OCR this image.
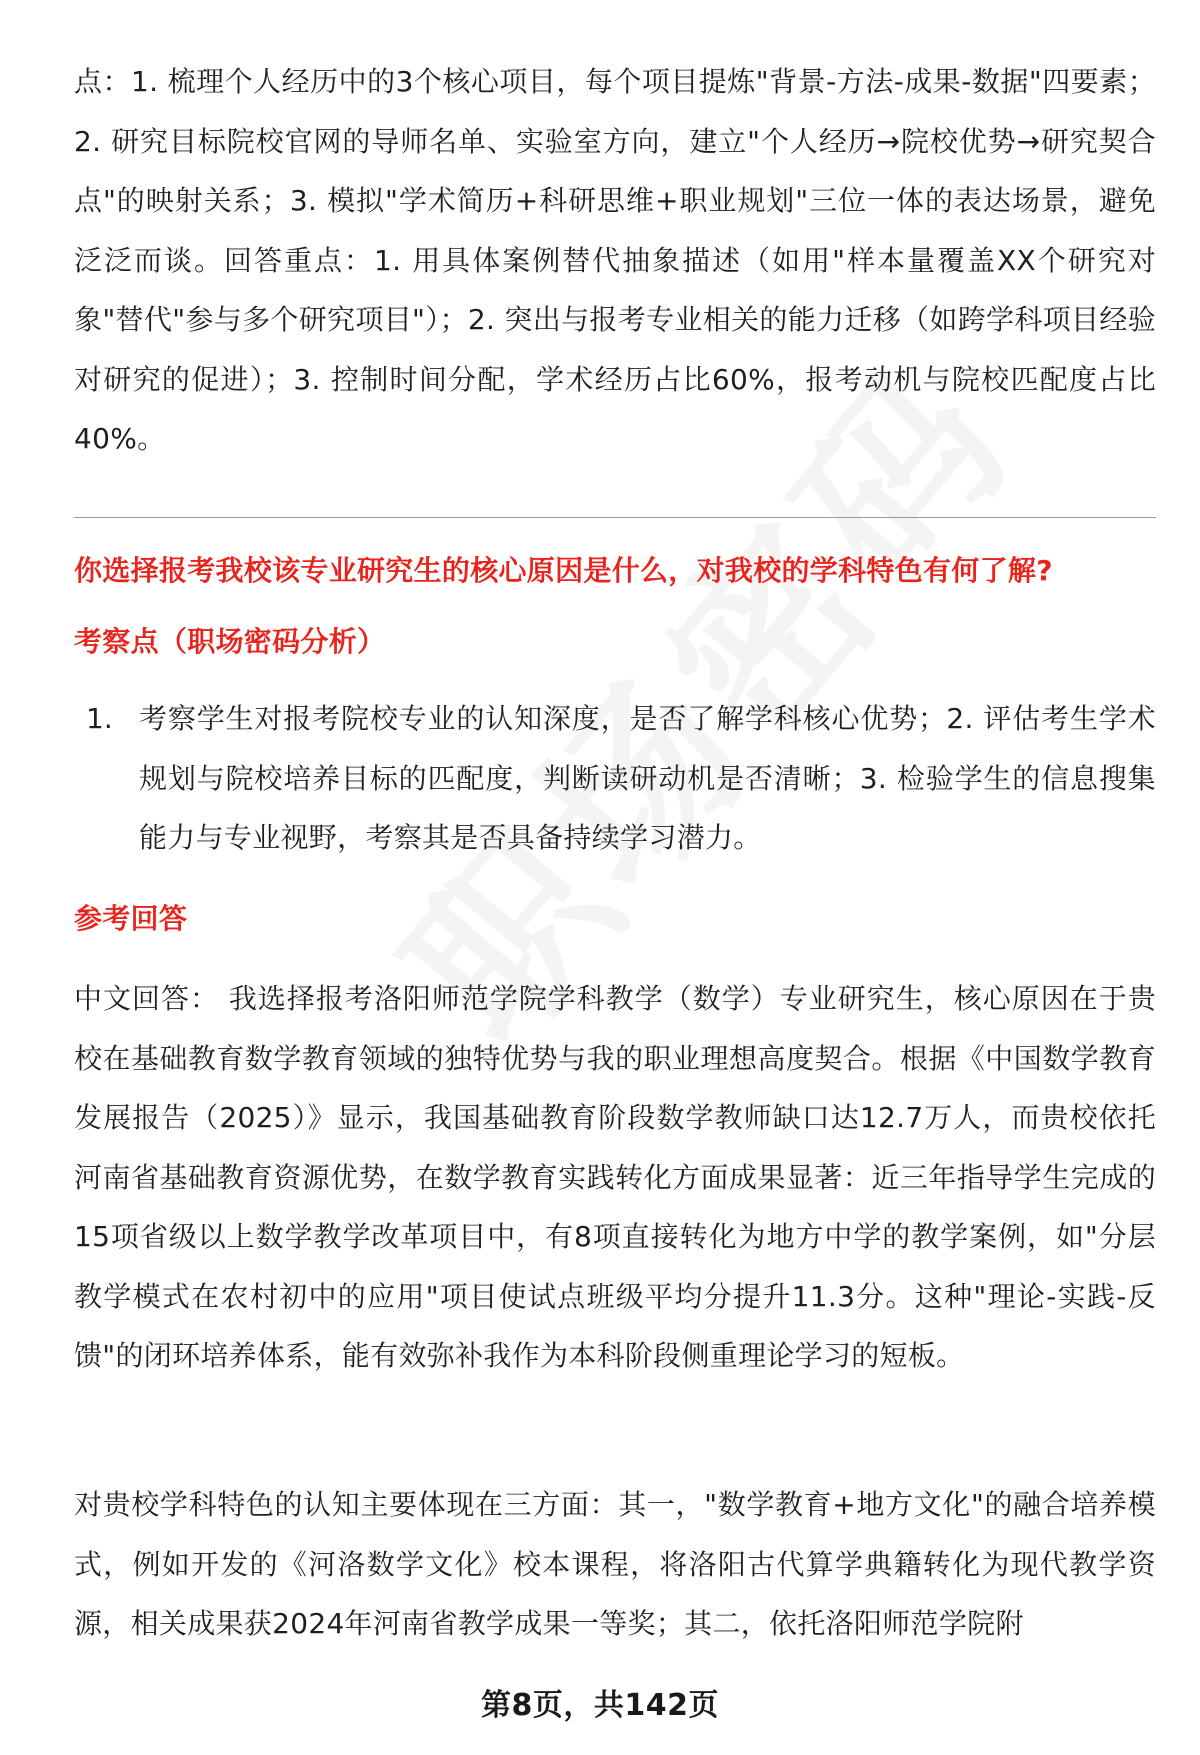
点：1. 梳理个人经历中的3个核心项目，每个项目提炼"背景-方法-成果-数据"四要素；2. 研究目标院校官网的导师名单、实验室方向，建立"个人经历→院校优势→研究契合点"的映射关系；3. 模拟"学术简历+科研思维+职业规划"三位一体的表达场景，避免泛泛而谈。回答重点：1. 用具体案例替代抽象描述（如用"样本量覆盖XX个研究对象"替代"参与多个研究项目"）；2. 突出与报考专业相关的能力迁移（如跨学科项目经验对研究的促进）；3. 控制时间分配，学术经历占比60%，报考动机与院校匹配度占比40%。

你选择报考我校该专业研究生的核心原因是什么，对我校的学科特色有何了解?
考察点（职场密码分析）
1. 考察学生对报考院校专业的认知深度，是否了解学科核心优势；2. 评估考生学术规划与院校培养目标的匹配度，判断读研动机是否清晰；3. 检验学生的信息搜集能力与专业视野，考察其是否具备持续学习潜力。
参考回答

中文回答： 我选择报考洛阳师范学院学科教学（数学）专业研究生，核心原因在于贵校在基础教育数学教育领域的独特优势与我的职业理想高度契合。根据《中国数学教育发展报告（2025）》显示，我国基础教育阶段数学教师缺口达12.7万人，而贵校依托河南省基础教育资源优势，在数学教育实践转化方面成果显著：近三年指导学生完成的15项省级以上数学教学改革项目中，有8项直接转化为地方中学的教学案例，如"分层教学模式在农村初中的应用"项目使试点班级平均分提升11.3分。这种"理论-实践-反馈"的闭环培养体系，能有效弥补我作为本科阶段侧重理论学习的短板。

对贵校学科特色的认知主要体现在三方面：其一，"数学教育+地方文化"的融合培养模式，例如开发的《河洛数学文化》校本课程，将洛阳古代算学典籍转化为现代教学资源，相关成果获2024年河南省教学成果一等奖；其二，依托洛阳师范学院附

第8页，共142页
